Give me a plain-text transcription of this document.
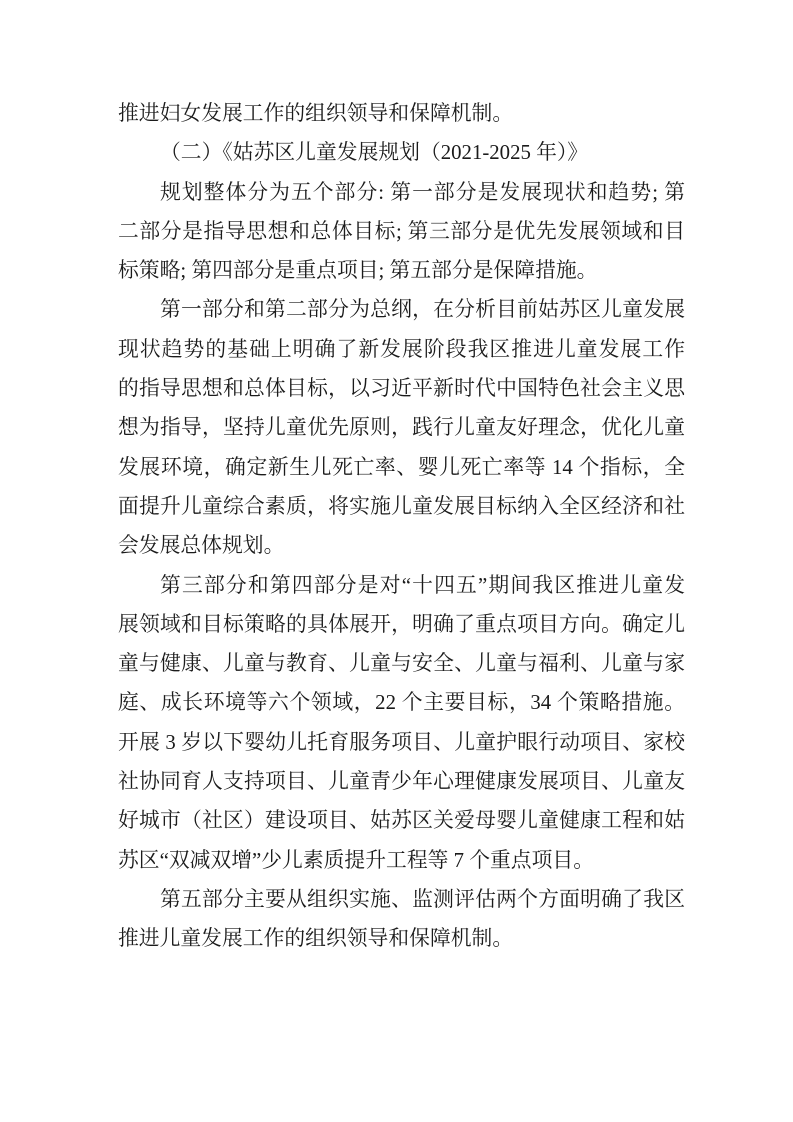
推进妇女发展工作的组织领导和保障机制。
（二）《姑苏区儿童发展规划（2021-2025 年）》
规划整体分为五个部分: 第一部分是发展现状和趋势; 第
二部分是指导思想和总体目标; 第三部分是优先发展领域和目
标策略; 第四部分是重点项目; 第五部分是保障措施。
第一部分和第二部分为总纲，在分析目前姑苏区儿童发展
现状趋势的基础上明确了新发展阶段我区推进儿童发展工作
的指导思想和总体目标，以习近平新时代中国特色社会主义思
想为指导，坚持儿童优先原则，践行儿童友好理念，优化儿童
发展环境，确定新生儿死亡率、婴儿死亡率等 14 个指标，全
面提升儿童综合素质，将实施儿童发展目标纳入全区经济和社
会发展总体规划。
第三部分和第四部分是对“十四五”期间我区推进儿童发
展领域和目标策略的具体展开，明确了重点项目方向。确定儿
童与健康、儿童与教育、儿童与安全、儿童与福利、儿童与家
庭、成长环境等六个领域，22 个主要目标，34 个策略措施。
开展 3 岁以下婴幼儿托育服务项目、儿童护眼行动项目、家校
社协同育人支持项目、儿童青少年心理健康发展项目、儿童友
好城市（社区）建设项目、姑苏区关爱母婴儿童健康工程和姑
苏区“双减双增”少儿素质提升工程等 7 个重点项目。
第五部分主要从组织实施、监测评估两个方面明确了我区
推进儿童发展工作的组织领导和保障机制。
